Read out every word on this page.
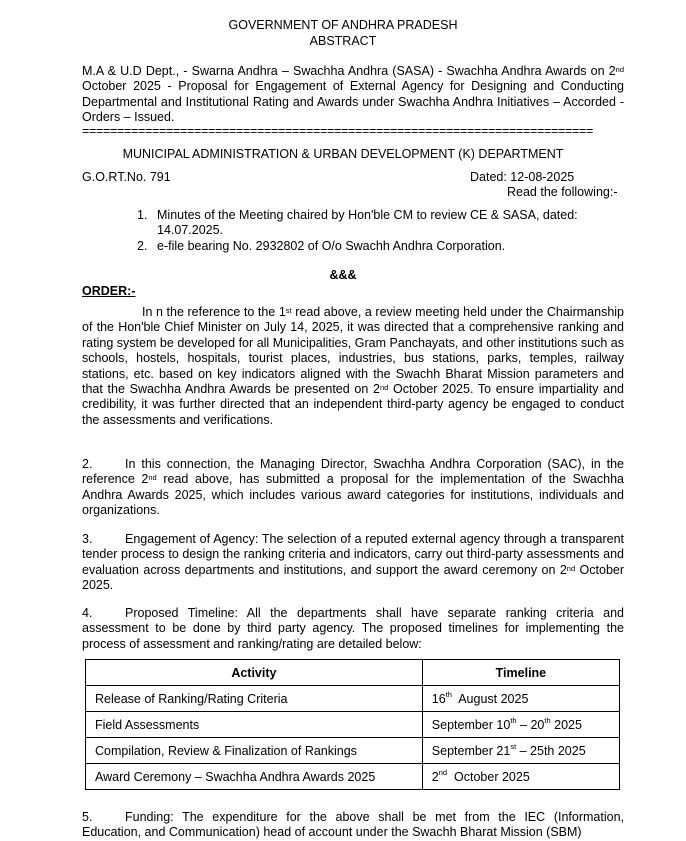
GOVERNMENT OF ANDHRA PRADESH
ABSTRACT
M.A & U.D Dept., - Swarna Andhra – Swachha Andhra (SASA) - Swachha Andhra Awards on 2nd October 2025 - Proposal for Engagement of External Agency for Designing and Conducting Departmental and Institutional Rating and Awards under Swachha Andhra Initiatives – Accorded - Orders – Issued.
=========================================================================
MUNICIPAL ADMINISTRATION & URBAN DEVELOPMENT (K) DEPARTMENT
G.O.RT.No. 791	Dated: 12-08-2025
Read the following:-
1. Minutes of the Meeting chaired by Hon'ble CM to review CE & SASA, dated: 14.07.2025.
2. e-file bearing No. 2932802 of O/o Swachh Andhra Corporation.
&&&
ORDER:-
In n the reference to the 1st read above, a review meeting held under the Chairmanship of the Hon'ble Chief Minister on July 14, 2025, it was directed that a comprehensive ranking and rating system be developed for all Municipalities, Gram Panchayats, and other institutions such as schools, hostels, hospitals, tourist places, industries, bus stations, parks, temples, railway stations, etc. based on key indicators aligned with the Swachh Bharat Mission parameters and that the Swachha Andhra Awards be presented on 2nd October 2025. To ensure impartiality and credibility, it was further directed that an independent third-party agency be engaged to conduct the assessments and verifications.
2.	In this connection, the Managing Director, Swachha Andhra Corporation (SAC), in the reference 2nd read above, has submitted a proposal for the implementation of the Swachha Andhra Awards 2025, which includes various award categories for institutions, individuals and organizations.
3.	Engagement of Agency: The selection of a reputed external agency through a transparent tender process to design the ranking criteria and indicators, carry out third-party assessments and evaluation across departments and institutions, and support the award ceremony on 2nd October 2025.
4.	Proposed Timeline: All the departments shall have separate ranking criteria and assessment to be done by third party agency. The proposed timelines for implementing the process of assessment and ranking/rating are detailed below:
Activity	Timeline
Release of Ranking/Rating Criteria	16th  August 2025
Field Assessments	September 10th – 20th 2025
Compilation, Review & Finalization of Rankings	September 21st – 25th 2025
Award Ceremony – Swachha Andhra Awards 2025	2nd  October 2025
5.	Funding: The expenditure for the above shall be met from the IEC (Information, Education, and Communication) head of account under the Swachh Bharat Mission (SBM)
